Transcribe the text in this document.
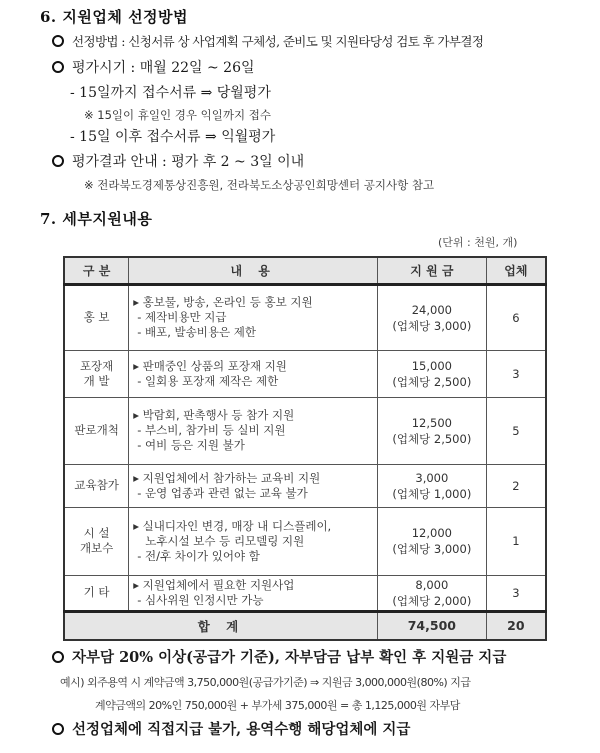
6. 지원업체 선정방법
선정방법 : 신청서류 상 사업계획 구체성, 준비도 및 지원타당성 검토 후 가부결정
평가시기 : 매월 22일 ~ 26일
- 15일까지 접수서류 ⇒ 당월평가
※ 15일이 휴일인 경우 익일까지 접수
- 15일 이후 접수서류 ⇒ 익월평가
평가결과 안내 : 평가 후 2 ~ 3일 이내
※ 전라북도경제통상진흥원, 전라북도소상공인희망센터 공지사항 참고
7. 세부지원내용
(단위 : 천원, 개)
구 분	내 용	지 원 금	업체

홍 보	▸ 홍보물, 방송, 온라인 등 홍보 지원
- 제작비용만 지급
- 배포, 발송비용은 제한	24,000
(업체당 3,000)	6

포장재
개 발	▸ 판매중인 상품의 포장재 지원
- 일회용 포장재 제작은 제한	15,000
(업체당 2,500)	3

판로개척	▸ 박람회, 판촉행사 등 참가 지원
- 부스비, 참가비 등 실비 지원
- 여비 등은 지원 불가	12,500
(업체당 2,500)	5

교육참가	▸ 지원업체에서 참가하는 교육비 지원
- 운영 업종과 관련 없는 교육 불가	3,000
(업체당 1,000)	2

시 설
개보수	▸ 실내디자인 변경, 매장 내 디스플레이,
노후시설 보수 등 리모델링 지원
- 전/후 차이가 있어야 함	12,000
(업체당 3,000)	1

기 타	▸ 지원업체에서 필요한 지원사업
- 심사위원 인정시만 가능	8,000
(업체당 2,000)	3
합 계		74,500	20
자부담 20% 이상(공급가 기준), 자부담금 납부 확인 후 지원금 지급
예시) 외주용역 시 계약금액 3,750,000원(공급가기준) ⇒ 지원금 3,000,000원(80%) 지급
계약금액의 20%인 750,000원 + 부가세 375,000원 = 총 1,125,000원 자부담
선정업체에 직접지급 불가, 용역수행 해당업체에 지급
